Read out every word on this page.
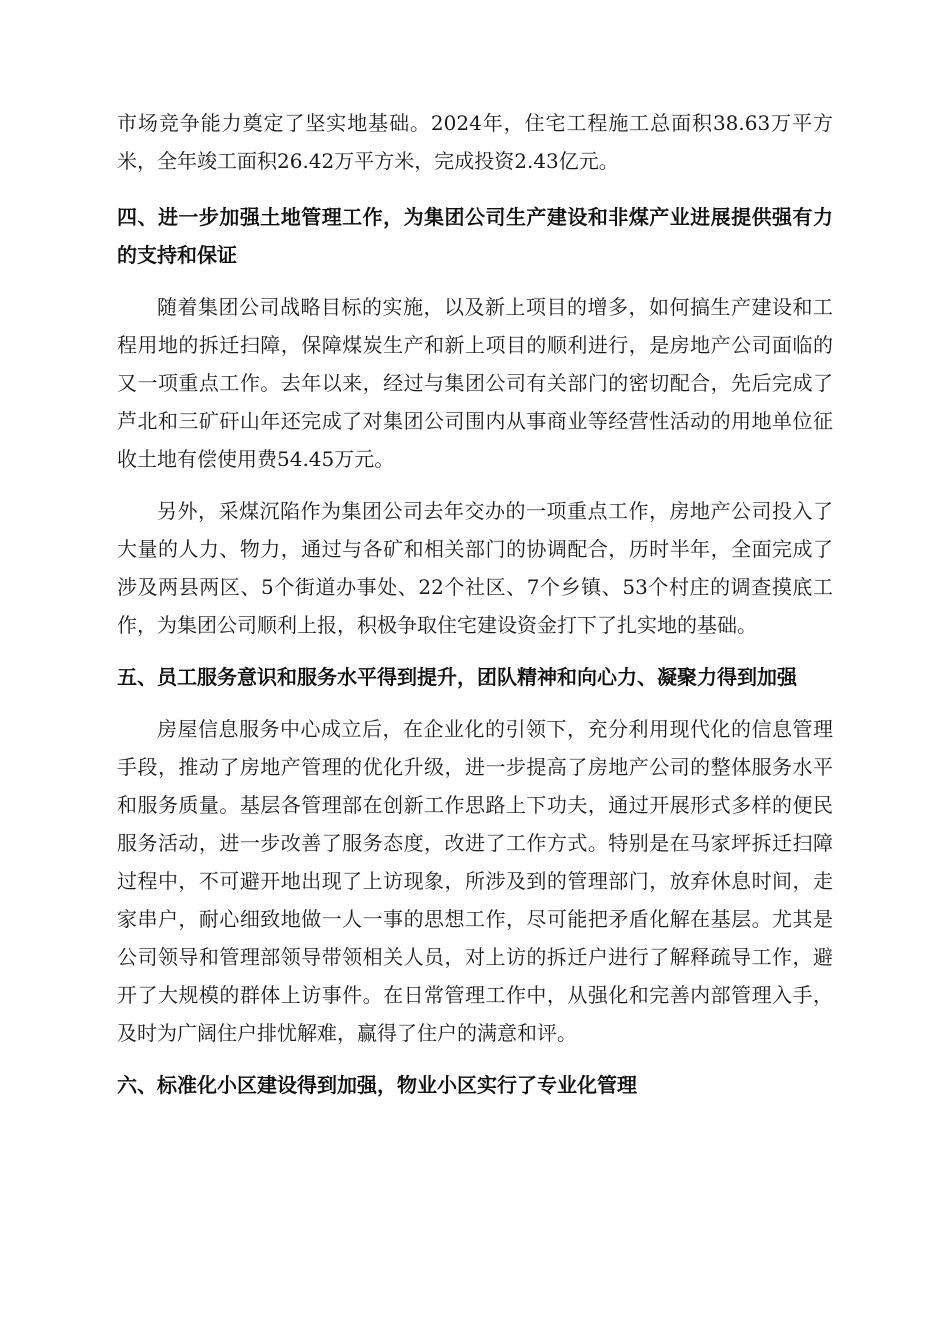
市场竞争能力奠定了坚实地基础。2024年，住宅工程施工总面积38.63万平方米，全年竣工面积26.42万平方米，完成投资2.43亿元。

四、进一步加强土地管理工作，为集团公司生产建设和非煤产业进展提供强有力的支持和保证

随着集团公司战略目标的实施，以及新上项目的增多，如何搞生产建设和工程用地的拆迁扫障，保障煤炭生产和新上项目的顺利进行，是房地产公司面临的又一项重点工作。去年以来，经过与集团公司有关部门的密切配合，先后完成了芦北和三矿矸山年还完成了对集团公司围内从事商业等经营性活动的用地单位征收土地有偿使用费54.45万元。

另外，采煤沉陷作为集团公司去年交办的一项重点工作，房地产公司投入了大量的人力、物力，通过与各矿和相关部门的协调配合，历时半年，全面完成了涉及两县两区、5个街道办事处、22个社区、7个乡镇、53个村庄的调查摸底工作，为集团公司顺利上报，积极争取住宅建设资金打下了扎实地的基础。

五、员工服务意识和服务水平得到提升，团队精神和向心力、凝聚力得到加强

房屋信息服务中心成立后，在企业化的引领下，充分利用现代化的信息管理手段，推动了房地产管理的优化升级，进一步提高了房地产公司的整体服务水平和服务质量。基层各管理部在创新工作思路上下功夫，通过开展形式多样的便民服务活动，进一步改善了服务态度，改进了工作方式。特别是在马家坪拆迁扫障过程中，不可避开地出现了上访现象，所涉及到的管理部门，放弃休息时间，走家串户，耐心细致地做一人一事的思想工作，尽可能把矛盾化解在基层。尤其是公司领导和管理部领导带领相关人员，对上访的拆迁户进行了解释疏导工作，避开了大规模的群体上访事件。在日常管理工作中，从强化和完善内部管理入手，及时为广阔住户排忧解难，赢得了住户的满意和评。

六、标准化小区建设得到加强，物业小区实行了专业化管理
